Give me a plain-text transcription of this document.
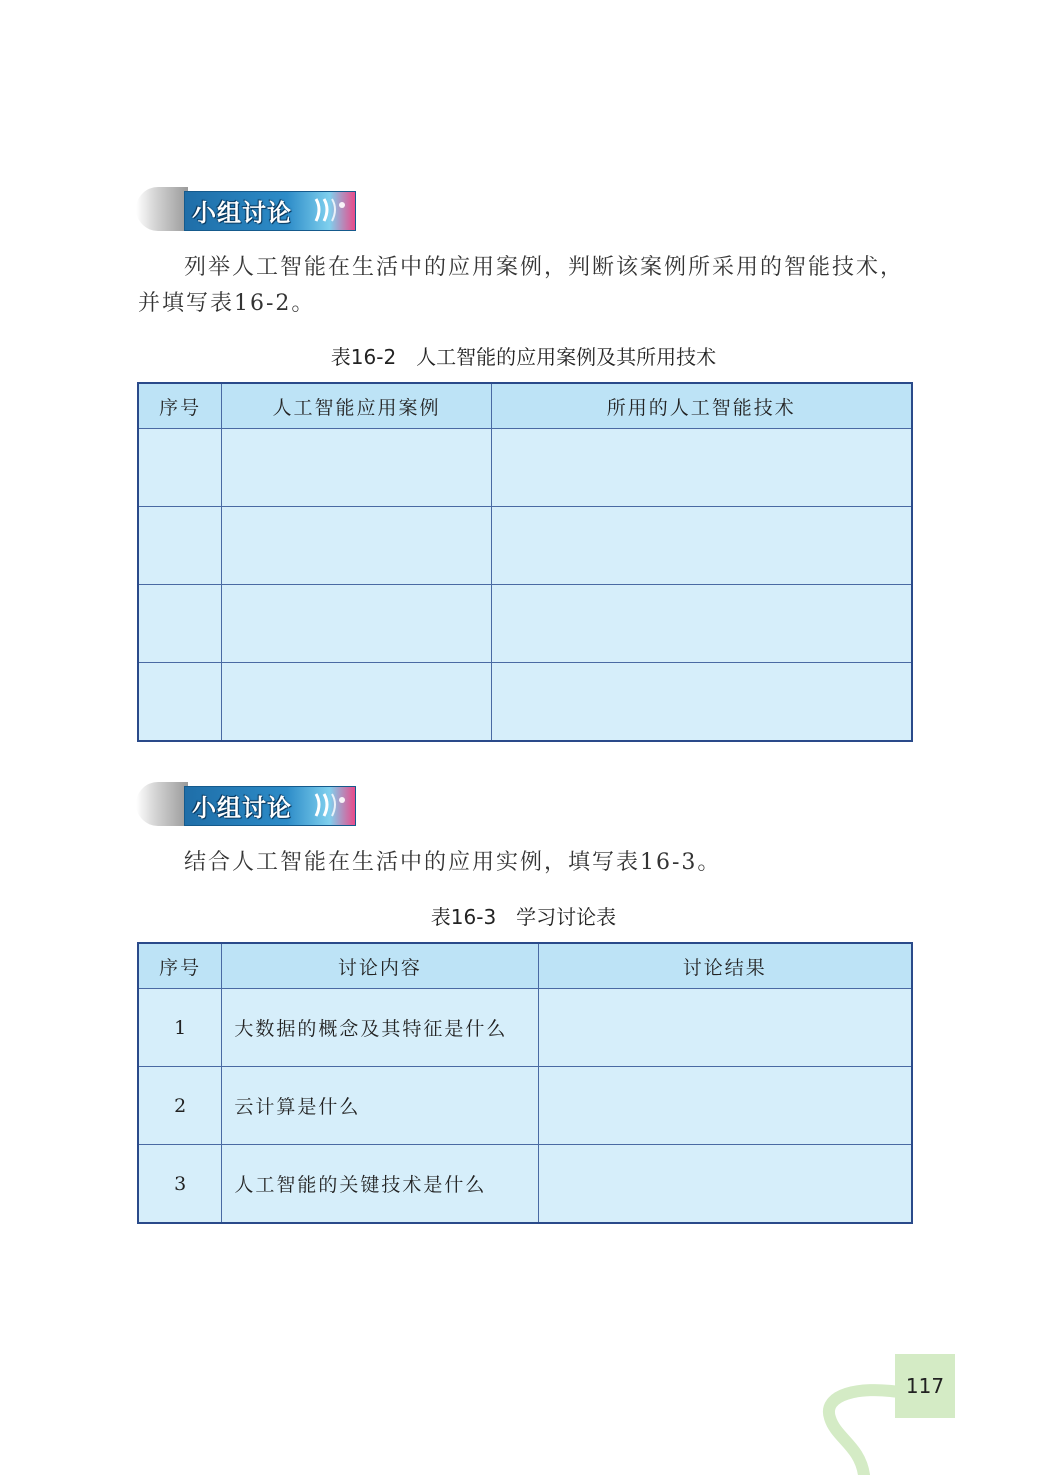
小组讨论
列举人工智能在生活中的应用案例，判断该案例所采用的智能技术，
并填写表16-2。
表16-2　人工智能的应用案例及其所用技术
序号	人工智能应用案例	所用的人工智能技术

小组讨论
结合人工智能在生活中的应用实例，填写表16-3。
表16-3　学习讨论表
序号	讨论内容	讨论结果
1	大数据的概念及其特征是什么	
2	云计算是什么	
3	人工智能的关键技术是什么	
117
